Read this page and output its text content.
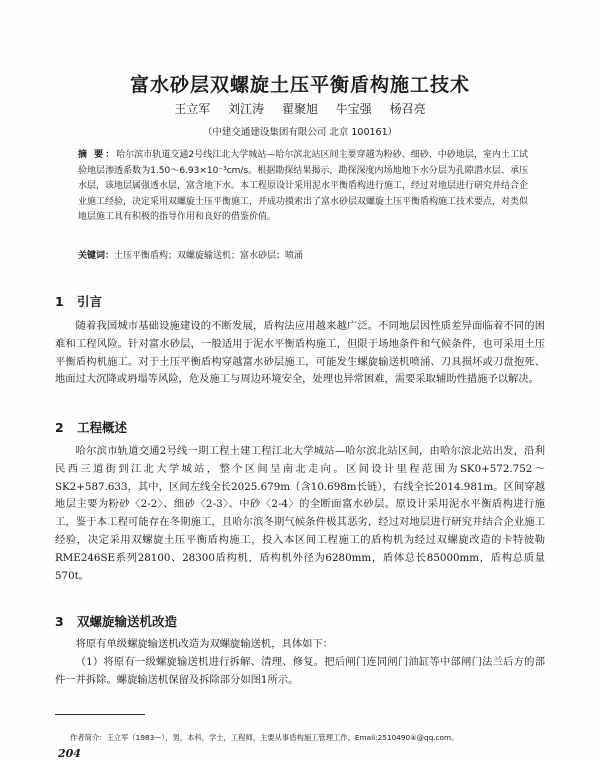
富水砂层双螺旋土压平衡盾构施工技术
王立军 刘江涛 翟聚旭 牛宝强 杨召亮
（中建交通建设集团有限公司 北京 100161）
摘 要：哈尔滨市轨道交通2号线江北大学城站—哈尔滨北站区间主要穿越为粉砂、细砂、中砂地层，室内土工试验地层渗透系数为1.50～6.93×10⁻³cm/s。根据勘探结果揭示，勘探深度内场地地下水分层为孔隙潜水层、承压水层，该地层属强透水层，富含地下水。本工程原设计采用泥水平衡盾构进行施工，经过对地层进行研究并结合企业施工经验，决定采用双螺旋土压平衡施工，并成功摸索出了富水砂层双螺旋土压平衡盾构施工技术要点，对类似地层施工具有积极的指导作用和良好的借鉴价值。
关键词：土压平衡盾构；双螺旋输送机；富水砂层；喷涌
1 引言
随着我国城市基础设施建设的不断发展，盾构法应用越来越广泛。不同地层因性质差异面临着不同的困难和工程风险。针对富水砂层，一般适用于泥水平衡盾构施工，但限于场地条件和气候条件，也可采用土压平衡盾构机施工。对于土压平衡盾构穿越富水砂层施工，可能发生螺旋输送机喷涌、刀具损坏或刀盘抱死、地面过大沉降或坍塌等风险，危及施工与周边环境安全，处理也异常困难，需要采取辅助性措施予以解决。
2 工程概述
哈尔滨市轨道交通2号线一期工程土建工程江北大学城站—哈尔滨北站区间，由哈尔滨北站出发，沿利民西三道街到江北大学城站，整个区间呈南北走向。区间设计里程范围为SK0+572.752～SK2+587.633，其中，区间左线全长2025.679m（含10.698m长链），右线全长2014.981m。区间穿越地层主要为粉砂〈2-2〉、细砂〈2-3〉、中砂〈2-4〉的全断面富水砂层。原设计采用泥水平衡盾构进行施工，鉴于本工程可能存在冬期施工，且哈尔滨冬期气候条件极其恶劣，经过对地层进行研究并结合企业施工经验，决定采用双螺旋土压平衡盾构施工，投入本区间工程施工的盾构机为经过双螺旋改造的卡特彼勒RME246SE系列28100、28300盾构机，盾构机外径为6280mm，盾体总长85000mm，盾构总质量570t。
3 双螺旋输送机改造
将原有单级螺旋输送机改造为双螺旋输送机，具体如下：
（1）将原有一级螺旋输送机进行拆解、清理、修复。把后闸门连同闸门油缸等中部闸门法兰后方的部件一并拆除。螺旋输送机保留及拆除部分如图1所示。
作者简介：王立军（1983—），男，本科，学士，工程师，主要从事盾构施工管理工作。Email:2510490④@qq.com。
204
